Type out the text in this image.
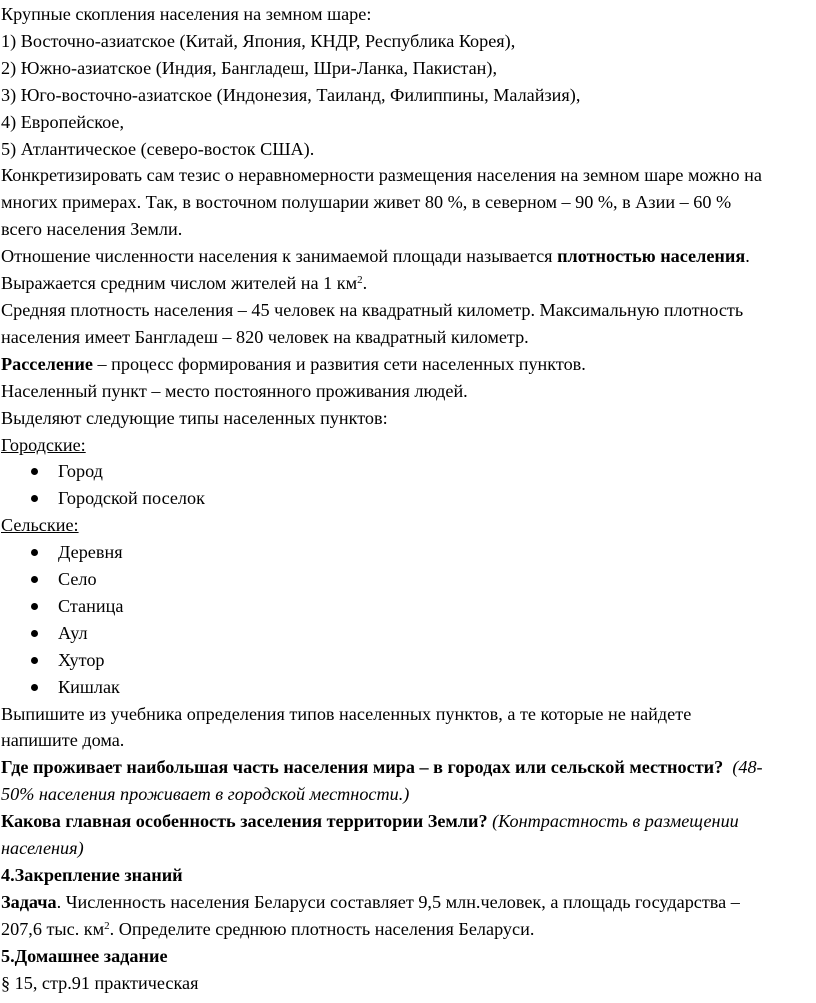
Крупные скопления населения на земном шаре:

1) Восточно-азиатское (Китай, Япония, КНДР, Республика Корея),

2) Южно-азиатское (Индия, Бангладеш, Шри-Ланка, Пакистан),

3) Юго-восточно-азиатское (Индонезия, Таиланд, Филиппины, Малайзия),

4) Европейское,

5) Атлантическое (северо-восток США).

Конкретизировать сам тезис о неравномерности размещения населения на земном шаре можно на

многих примерах. Так, в восточном полушарии живет 80 %, в северном – 90 %, в Азии – 60 %

всего населения Земли.

Отношение численности населения к занимаемой площади называется плотностью населения.

Выражается средним числом жителей на 1 $км^2$.

Средняя плотность населения – 45 человек на квадратный километр. Максимальную плотность

населения имеет Бангладеш – 820 человек на квадратный километр.

Расселение – процесс формирования и развития сети населенных пунктов.

Населенный пункт – место постоянного проживания людей.

Выделяют следующие типы населенных пунктов:

Городские:

Город
Городской поселок

Сельские:

Деревня
Село
Станица
Аул
Хутор
Кишлак

Выпишите из учебника определения типов населенных пунктов, а те которые не найдете

напишите дома.

Где проживает наибольшая часть населения мира – в городах или сельской местности? (48-

50% населения проживает в городской местности.)

Какова главная особенность заселения территории Земли? (Контрастность в размещении

населения)

4.Закрепление знаний

Задача. Численность населения Беларуси составляет 9,5 млн.человек, а площадь государства –

207,6 тыс. $км^2$. Определите среднюю плотность населения Беларуси.

5.Домашнее задание

§ 15, стр.91 практическая
